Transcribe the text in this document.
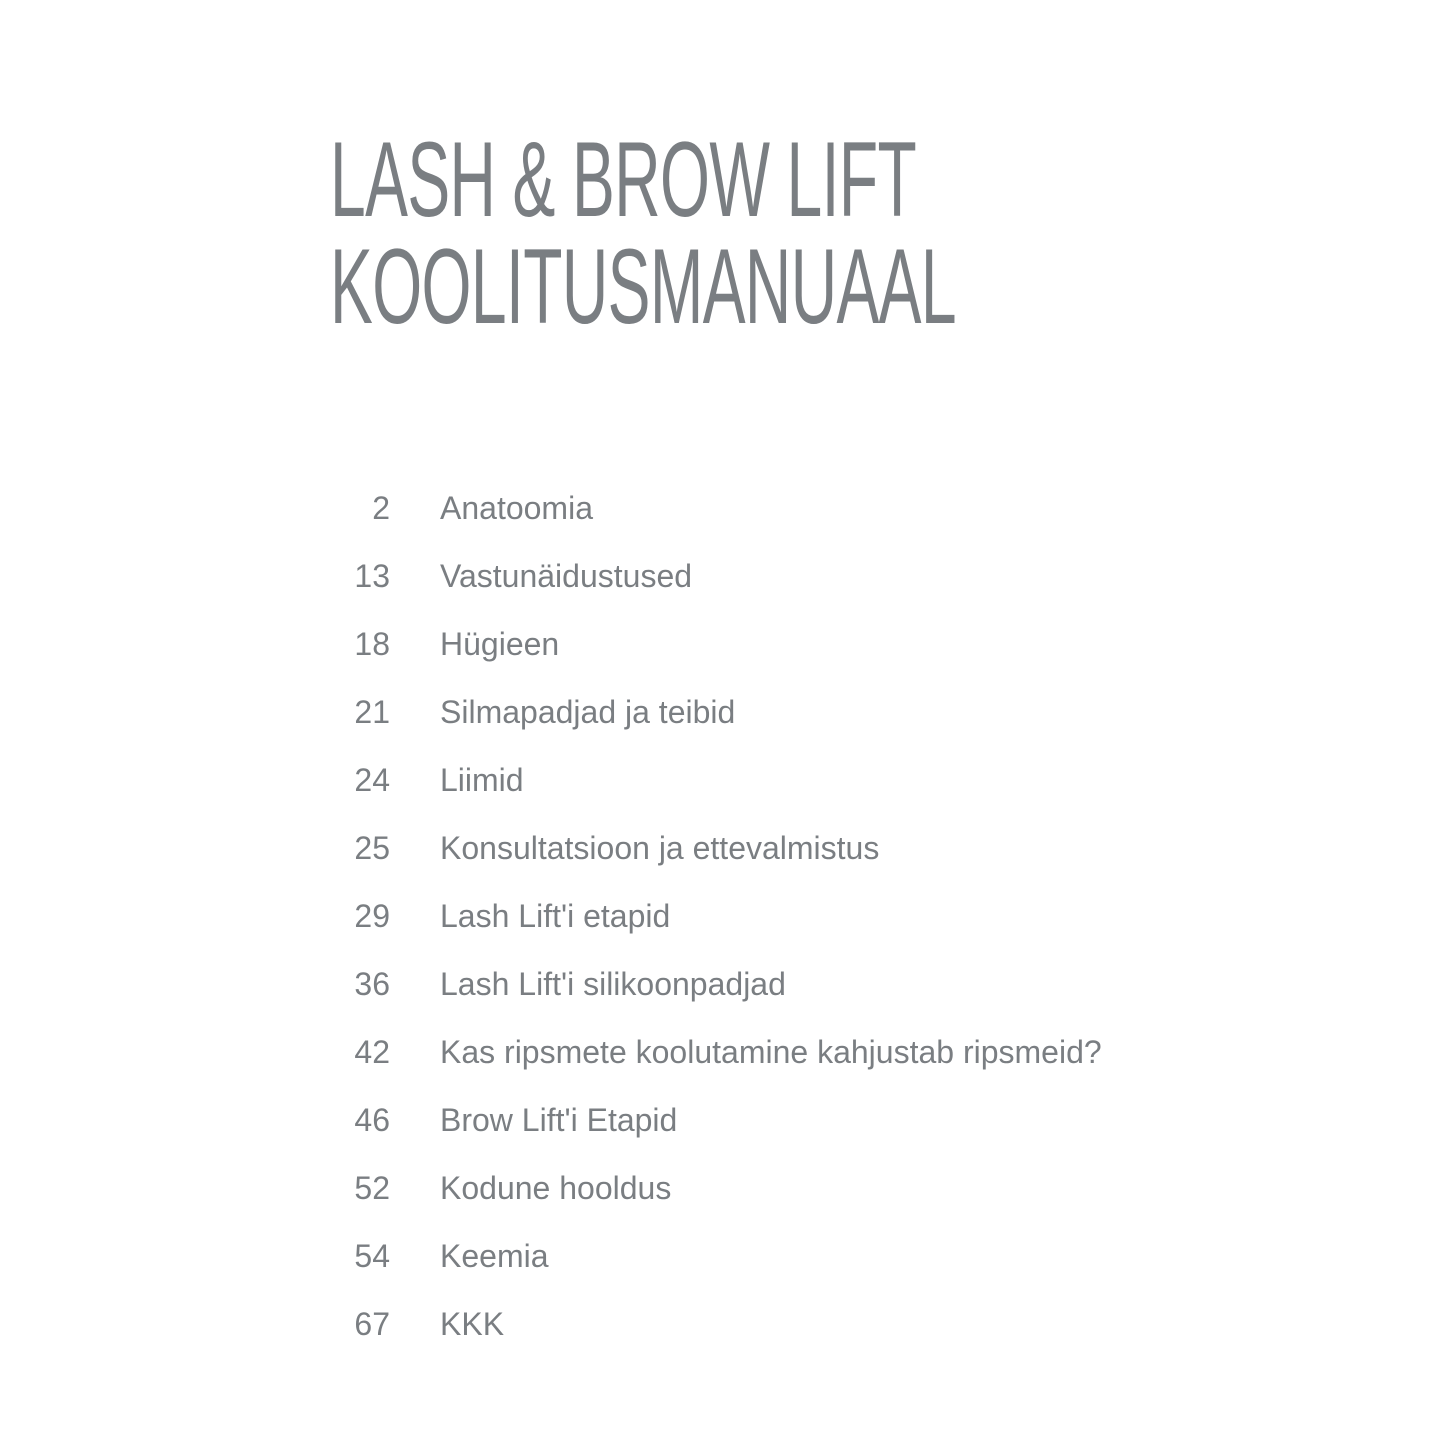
LASH & BROW LIFT
KOOLITUSMANUAAL
2 Anatoomia
13 Vastunäidustused
18 Hügieen
21 Silmapadjad ja teibid
24 Liimid
25 Konsultatsioon ja ettevalmistus
29 Lash Lift'i etapid
36 Lash Lift'i silikoonpadjad
42 Kas ripsmete koolutamine kahjustab ripsmeid?
46 Brow Lift'i Etapid
52 Kodune hooldus
54 Keemia
67 KKK
